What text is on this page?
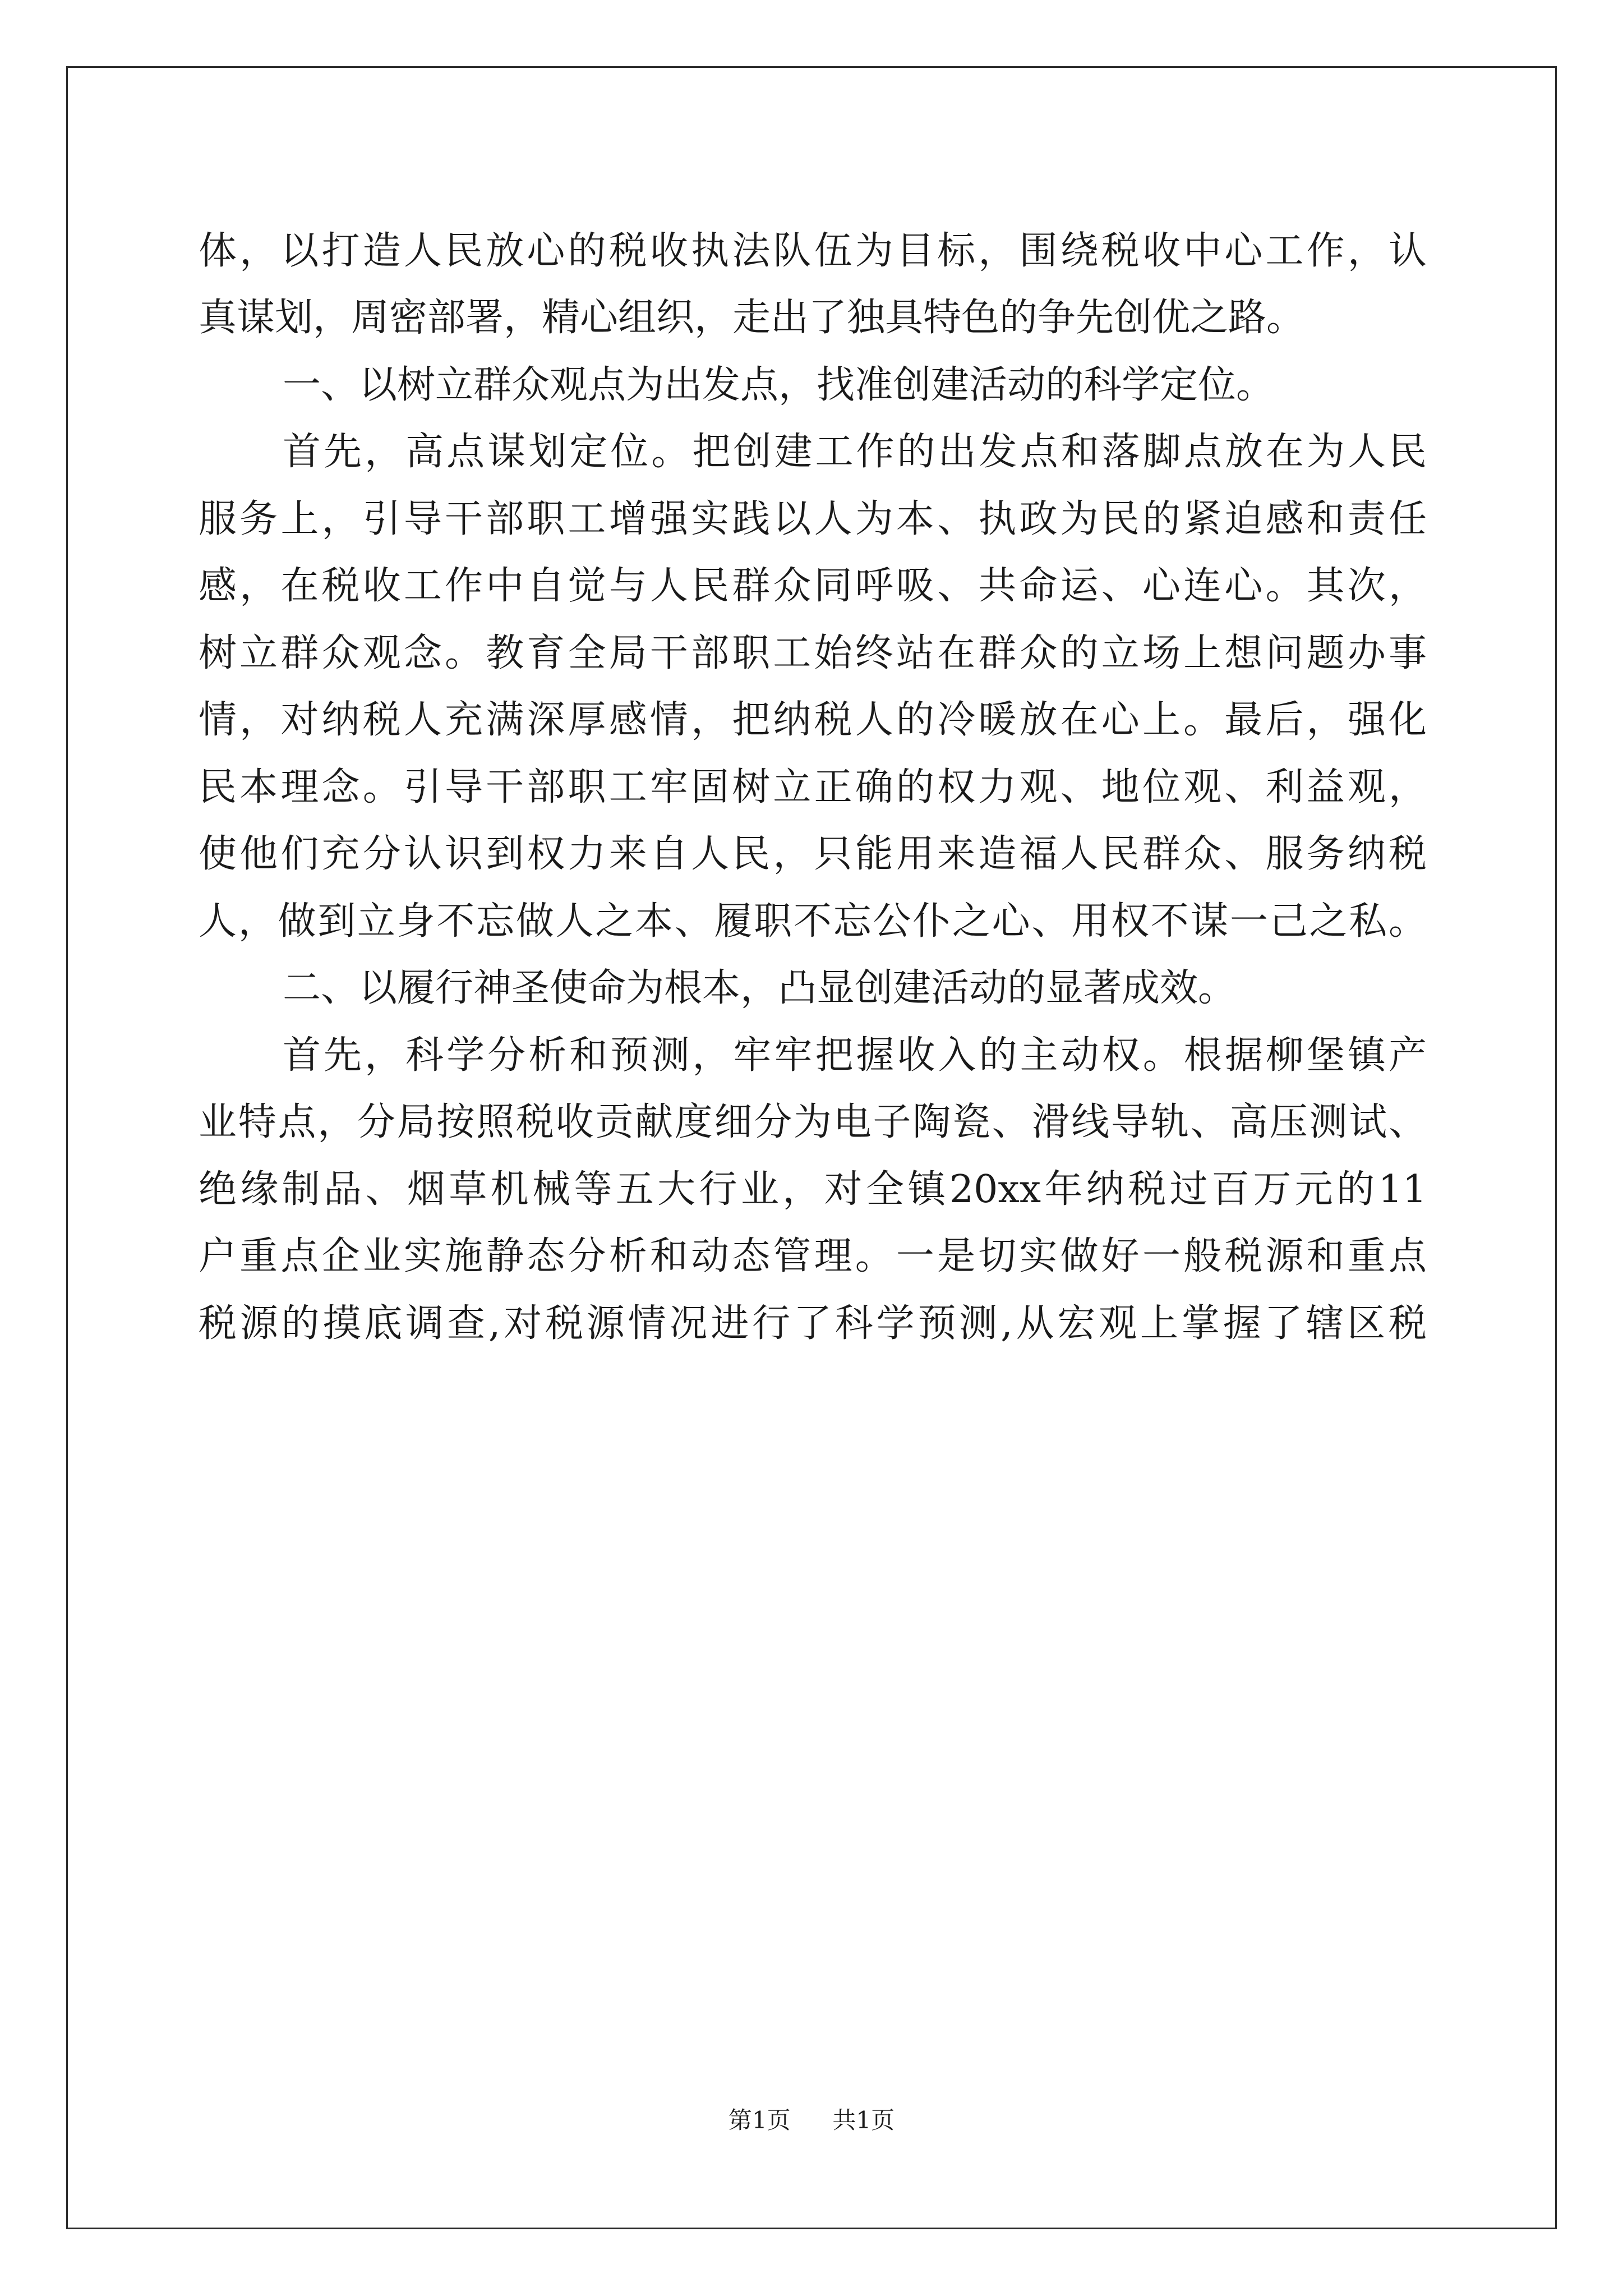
体，以打造人民放心的税收执法队伍为目标，围绕税收中心工作，认
真谋划，周密部署，精心组织，走出了独具特色的争先创优之路。
一、以树立群众观点为出发点，找准创建活动的科学定位。
首先，高点谋划定位。把创建工作的出发点和落脚点放在为人民
服务上，引导干部职工增强实践以人为本、执政为民的紧迫感和责任
感，在税收工作中自觉与人民群众同呼吸、共命运、心连心。其次，
树立群众观念。教育全局干部职工始终站在群众的立场上想问题办事
情，对纳税人充满深厚感情，把纳税人的冷暖放在心上。最后，强化
民本理念。引导干部职工牢固树立正确的权力观、地位观、利益观，
使他们充分认识到权力来自人民，只能用来造福人民群众、服务纳税
人，做到立身不忘做人之本、履职不忘公仆之心、用权不谋一己之私。
二、以履行神圣使命为根本，凸显创建活动的显著成效。
首先，科学分析和预测，牢牢把握收入的主动权。根据柳堡镇产
业特点，分局按照税收贡献度细分为电子陶瓷、滑线导轨、高压测试、
绝缘制品、烟草机械等五大行业，对全镇20xx年纳税过百万元的11
户重点企业实施静态分析和动态管理。一是切实做好一般税源和重点
税源的摸底调查,对税源情况进行了科学预测,从宏观上掌握了辖区税
第1页 共1页
